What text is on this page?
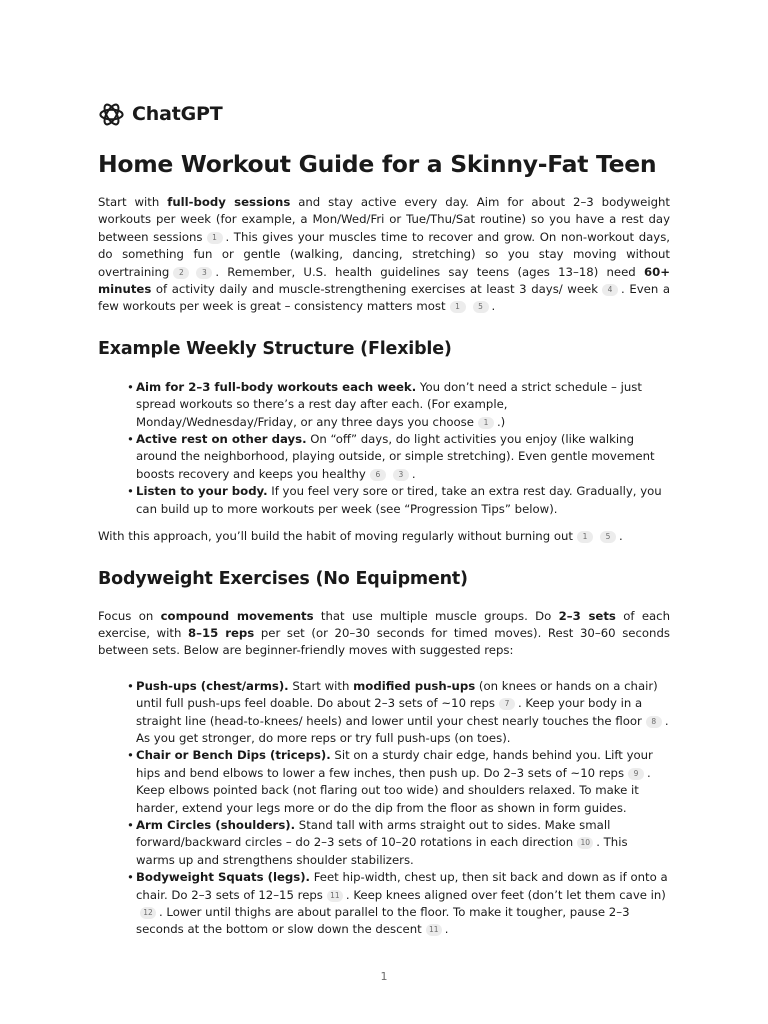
ChatGPT
Home Workout Guide for a Skinny-Fat Teen

Start with full-body sessions and stay active every day. Aim for about 2–3 bodyweight workouts per week (for example, a Mon/Wed/Fri or Tue/Thu/Sat routine) so you have a rest day between sessions 1 . This gives your muscles time to recover and grow. On non-workout days, do something fun or gentle (walking, dancing, stretching) so you stay moving without overtraining 2 3 . Remember, U.S. health guidelines say teens (ages 13–18) need 60+ minutes of activity daily and muscle-strengthening exercises at least 3 days/ week 4 . Even a few workouts per week is great – consistency matters most 1 5 .

Example Weekly Structure (Flexible)
• Aim for 2–3 full-body workouts each week. You don’t need a strict schedule – just spread workouts so there’s a rest day after each. (For example, Monday/Wednesday/Friday, or any three days you choose 1 .)
• Active rest on other days. On “off” days, do light activities you enjoy (like walking around the neighborhood, playing outside, or simple stretching). Even gentle movement boosts recovery and keeps you healthy 6 3 .
• Listen to your body. If you feel very sore or tired, take an extra rest day. Gradually, you can build up to more workouts per week (see “Progression Tips” below).

With this approach, you’ll build the habit of moving regularly without burning out 1 5 .

Bodyweight Exercises (No Equipment)

Focus on compound movements that use multiple muscle groups. Do 2–3 sets of each exercise, with 8–15 reps per set (or 20–30 seconds for timed moves). Rest 30–60 seconds between sets. Below are beginner-friendly moves with suggested reps:

• Push-ups (chest/arms). Start with modified push-ups (on knees or hands on a chair) until full push-ups feel doable. Do about 2–3 sets of ~10 reps 7 . Keep your body in a straight line (head-to-knees/ heels) and lower until your chest nearly touches the floor 8 . As you get stronger, do more reps or try full push-ups (on toes).
• Chair or Bench Dips (triceps). Sit on a sturdy chair edge, hands behind you. Lift your hips and bend elbows to lower a few inches, then push up. Do 2–3 sets of ~10 reps 9 . Keep elbows pointed back (not flaring out too wide) and shoulders relaxed. To make it harder, extend your legs more or do the dip from the floor as shown in form guides.
• Arm Circles (shoulders). Stand tall with arms straight out to sides. Make small forward/backward circles – do 2–3 sets of 10–20 rotations in each direction 10 . This warms up and strengthens shoulder stabilizers.
• Bodyweight Squats (legs). Feet hip-width, chest up, then sit back and down as if onto a chair. Do 2–3 sets of 12–15 reps 11 . Keep knees aligned over feet (don’t let them cave in)12 . Lower until thighs are about parallel to the floor. To make it tougher, pause 2–3 seconds at the bottom or slow down the descent 11 .
1
